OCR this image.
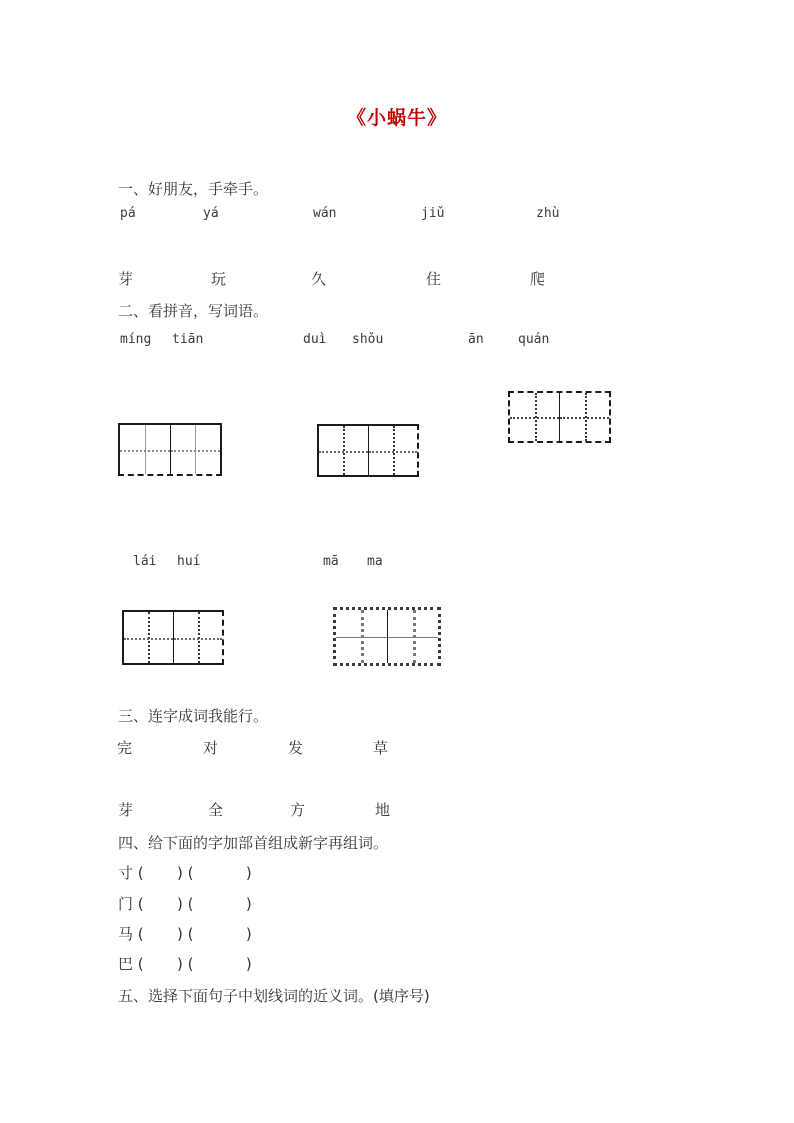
《小蜗牛》
一、好朋友，手牵手。
pá	yá	wán	jiǔ	zhù
芽	玩	久	住	爬
二、看拼音，写词语。
míng tiān	duì shǒu	ān	quán
lái huí	mā ma
三、连字成词我能行。
完	对	发	草
芽	全	方	地
四、给下面的字加部首组成新字再组词。
寸 (       ) (           )
门 (       ) (           )
马 (       ) (           )
巴 (       ) (           )
五、选择下面句子中划线词的近义词。(填序号)
